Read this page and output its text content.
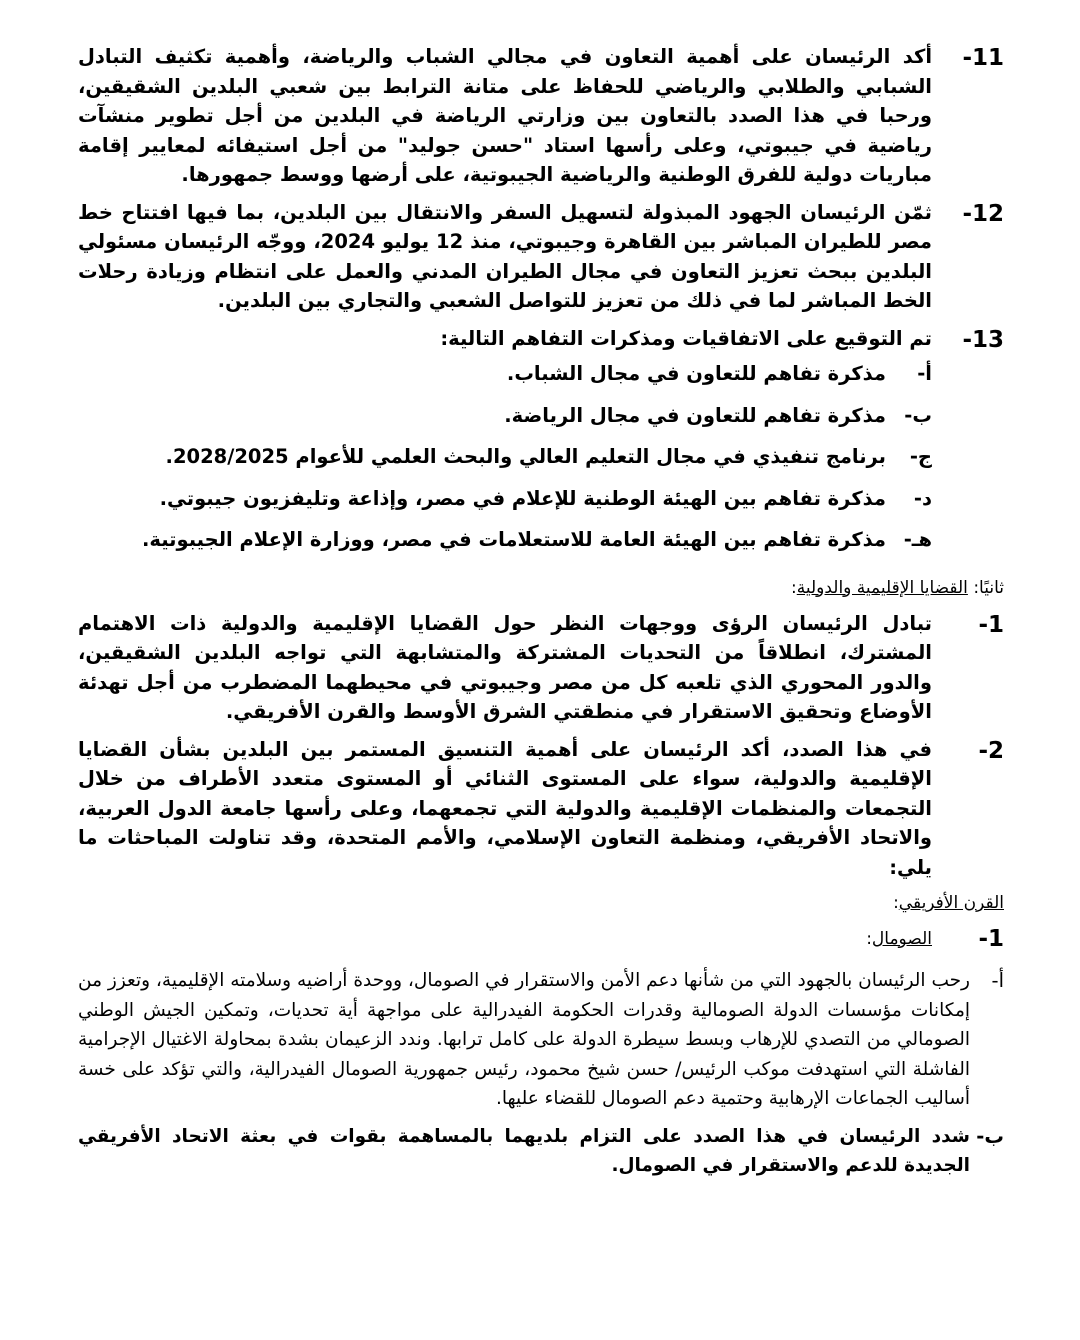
11-
أكد الرئيسان على أهمية التعاون في مجالي الشباب والرياضة، وأهمية تكثيف التبادل الشبابي والطلابي والرياضي للحفاظ على متانة الترابط بين شعبي البلدين الشقيقين، ورحبا في هذا الصدد بالتعاون بين وزارتي الرياضة في البلدين من أجل تطوير منشآت رياضية في جيبوتي، وعلى رأسها استاد "حسن جوليد" من أجل استيفائه لمعايير إقامة مباريات دولية للفرق الوطنية والرياضية الجيبوتية، على أرضها ووسط جمهورها.
12-
ثمّن الرئيسان الجهود المبذولة لتسهيل السفر والانتقال بين البلدين، بما فيها افتتاح خط مصر للطيران المباشر بين القاهرة وجيبوتي، منذ 12 يوليو 2024، ووجّه الرئيسان مسئولي البلدين ببحث تعزيز التعاون في مجال الطيران المدني والعمل على انتظام وزيادة رحلات الخط المباشر لما في ذلك من تعزيز للتواصل الشعبي والتجاري بين البلدين.
13-
تم التوقيع على الاتفاقيات ومذكرات التفاهم التالية:
أ-
مذكرة تفاهم للتعاون في مجال الشباب.
ب-
مذكرة تفاهم للتعاون في مجال الرياضة.
ج-
برنامج تنفيذي في مجال التعليم العالي والبحث العلمي للأعوام 2028/2025.
د-
مذكرة تفاهم بين الهيئة الوطنية للإعلام في مصر، وإذاعة وتليفزيون جيبوتي.
هـ-
مذكرة تفاهم بين الهيئة العامة للاستعلامات في مصر، ووزارة الإعلام الجيبوتية.
ثانيًا: القضايا الإقليمية والدولية:
1-
تبادل الرئيسان الرؤى ووجهات النظر حول القضايا الإقليمية والدولية ذات الاهتمام المشترك، انطلاقاً من التحديات المشتركة والمتشابهة التي تواجه البلدين الشقيقين، والدور المحوري الذي تلعبه كل من مصر وجيبوتي في محيطهما المضطرب من أجل تهدئة الأوضاع وتحقيق الاستقرار في منطقتي الشرق الأوسط والقرن الأفريقي.
2-
في هذا الصدد، أكد الرئيسان على أهمية التنسيق المستمر بين البلدين بشأن القضايا الإقليمية والدولية، سواء على المستوى الثنائي أو المستوى متعدد الأطراف من خلال التجمعات والمنظمات الإقليمية والدولية التي تجمعهما، وعلى رأسها جامعة الدول العربية، والاتحاد الأفريقي، ومنظمة التعاون الإسلامي، والأمم المتحدة، وقد تناولت المباحثات ما يلي:
القرن الأفريقي:
1-
الصومال:
أ-
رحب الرئيسان بالجهود التي من شأنها دعم الأمن والاستقرار في الصومال، ووحدة أراضيه وسلامته الإقليمية، وتعزز من إمكانات مؤسسات الدولة الصومالية وقدرات الحكومة الفيدرالية على مواجهة أية تحديات، وتمكين الجيش الوطني الصومالي من التصدي للإرهاب وبسط سيطرة الدولة على كامل ترابها. وندد الزعيمان بشدة بمحاولة الاغتيال الإجرامية الفاشلة التي استهدفت موكب الرئيس/ حسن شيخ محمود، رئيس جمهورية الصومال الفيدرالية، والتي تؤكد على خسة أساليب الجماعات الإرهابية وحتمية دعم الصومال للقضاء عليها.
ب-
شدد الرئيسان في هذا الصدد على التزام بلديهما بالمساهمة بقوات في بعثة الاتحاد الأفريقي الجديدة للدعم والاستقرار في الصومال.
